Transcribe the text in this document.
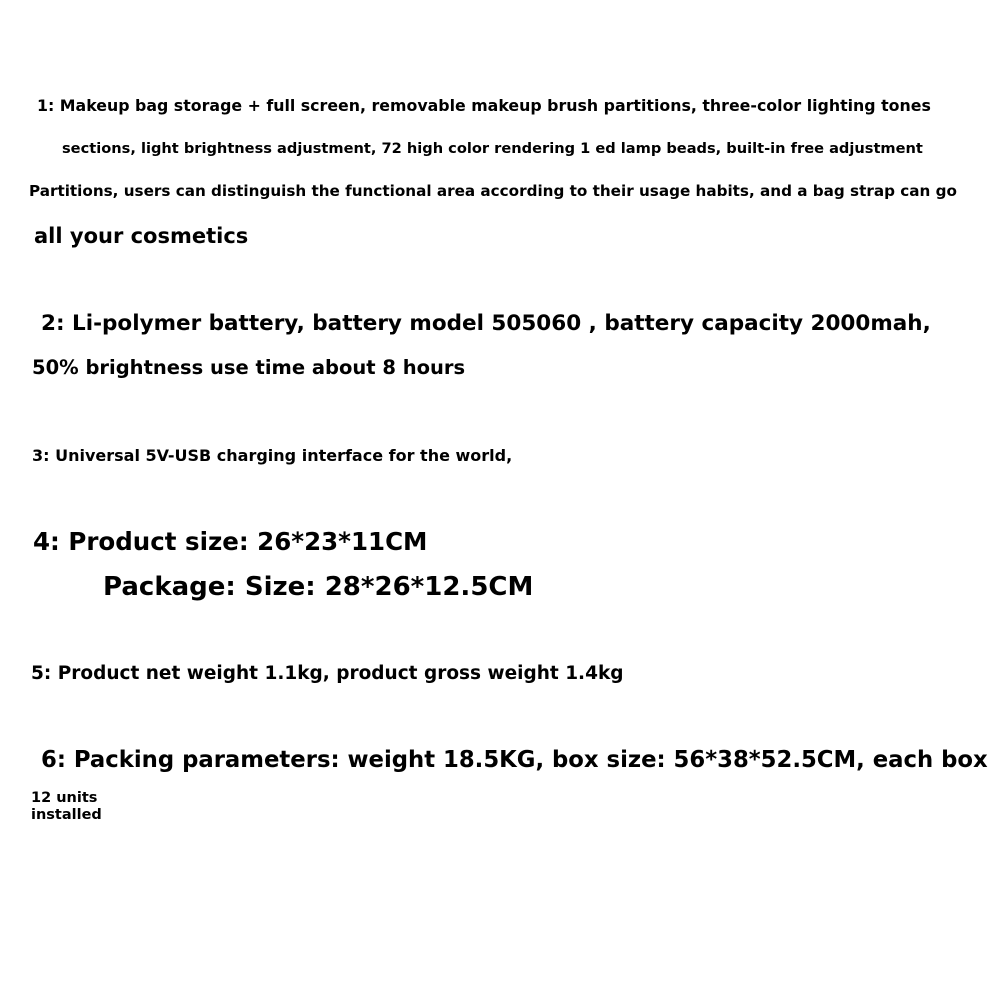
1: Makeup bag storage + full screen, removable makeup brush partitions, three-color lighting tones
sections, light brightness adjustment, 72 high color rendering 1 ed lamp beads, built-in free adjustment
Partitions, users can distinguish the functional area according to their usage habits, and a bag strap can go
all your cosmetics
2: Li-polymer battery, battery model 505060 , battery capacity 2000mah,
50% brightness use time about 8 hours
3: Universal 5V-USB charging interface for the world,
4: Product size: 26*23*11CM
Package: Size: 28*26*12.5CM
5: Product net weight 1.1kg, product gross weight 1.4kg
6: Packing parameters: weight 18.5KG, box size: 56*38*52.5CM, each box
12 units
installed
